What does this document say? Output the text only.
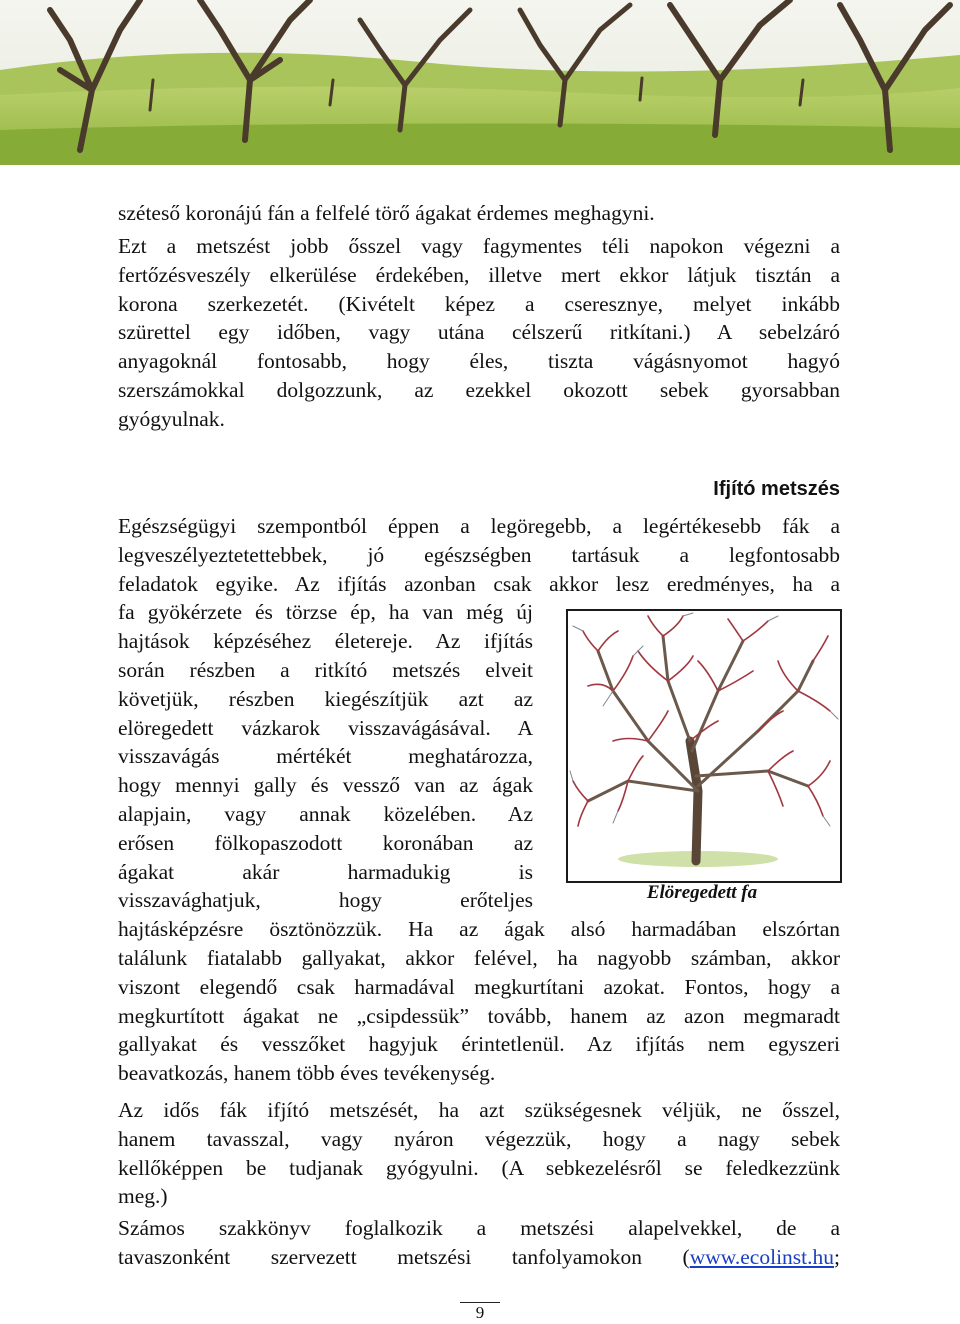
széteső koronájú fán a felfelé törő ágakat érdemes meghagyni.
Ezt a metszést jobb ősszel vagy fagymentes téli napokon végezni a
fertőzésveszély elkerülése érdekében, illetve mert ekkor látjuk tisztán a
korona szerkezetét. (Kivételt képez a cseresznye, melyet inkább
szürettel egy időben, vagy utána célszerű ritkítani.) A sebelzáró
anyagoknál fontosabb, hogy éles, tiszta vágásnyomot hagyó
szerszámokkal dolgozzunk, az ezekkel okozott sebek gyorsabban
gyógyulnak.
Egészségügyi szempontból éppen a legöregebb, a legértékesebb fák a
legveszélyeztetettebbek, jó egészségben tartásuk a legfontosabb
feladatok egyike. Az ifjítás azonban csak akkor lesz eredményes, ha a
fa gyökérzete és törzse ép, ha van még új
hajtások képzéséhez életereje. Az ifjítás
során részben a ritkító metszés elveit
követjük, részben kiegészítjük azt az
elöregedett vázkarok visszavágásával. A
visszavágás mértékét meghatározza,
hogy mennyi gally és vessző van az ágak
alapjain, vagy annak közelében. Az
erősen fölkopaszodott koronában az
ágakat akár harmadukig is
visszavághatjuk, hogy erőteljes
hajtásképzésre ösztönözzük. Ha az ágak alsó harmadában elszórtan
találunk fiatalabb gallyakat, akkor felével, ha nagyobb számban, akkor
viszont elegendő csak harmadával megkurtítani azokat. Fontos, hogy a
megkurtított ágakat ne „csipdessük” tovább, hanem az azon megmaradt
gallyakat és vesszőket hagyjuk érintetlenül. Az ifjítás nem egyszeri
beavatkozás, hanem több éves tevékenység.
Az idős fák ifjító metszését, ha azt szükségesnek véljük, ne ősszel,
hanem tavasszal, vagy nyáron végezzük, hogy a nagy sebek
kellőképpen be tudjanak gyógyulni. (A sebkezelésről se feledkezzünk
meg.)
Számos szakkönyv foglalkozik a metszési alapelvekkel, de a
tavaszonként szervezett metszési tanfolyamokon (www.ecolinst.hu;
Ifjító metszés
Elöregedett fa
9
